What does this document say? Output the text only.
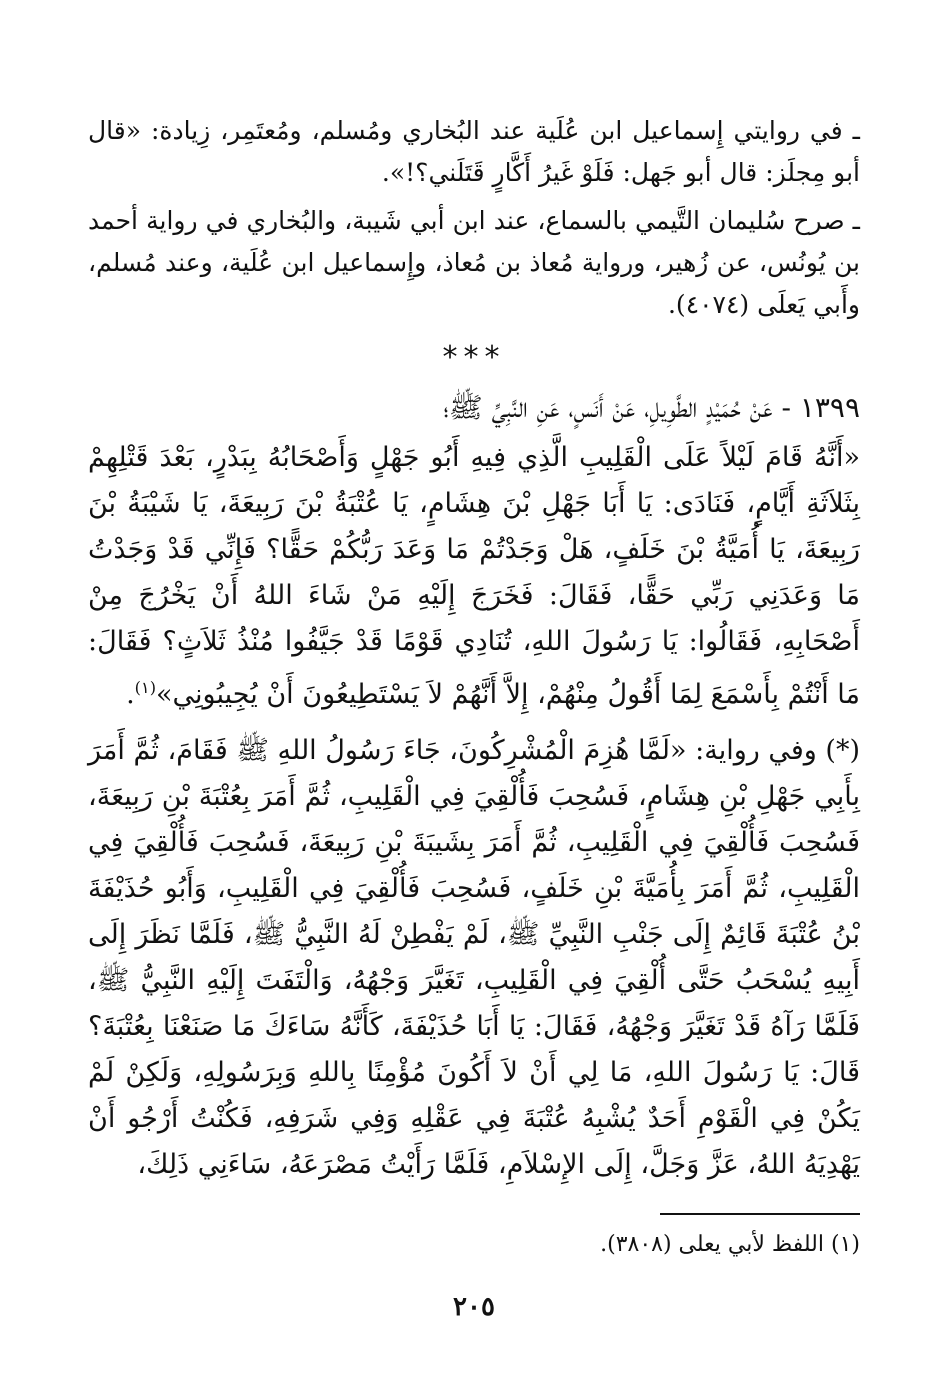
ـ في روايتي إِسماعيل ابن عُلَية عند البُخاري ومُسلم، ومُعتَمِر، زِيادة: «قال أبو مِجلَز: قال أبو جَهل: فَلَوْ غَيرُ أَكَّارٍ قَتَلَني؟!».

ـ صرح سُليمان التَّيمي بالسماع، عند ابن أبي شَيبة، والبُخاري في رواية أحمد بن يُونُس، عن زُهير، ورواية مُعاذ بن مُعاذ، وإِسماعيل ابن عُلَية، وعند مُسلم، وأَبي يَعلَى (٤٠٧٤).

***

١٣٩٩ - عَنْ حُمَيْدٍ الطَّوِيلِ، عَنْ أَنَسٍ، عَنِ النَّبِيِّ ﷺ؛

«أَنَّهُ قَامَ لَيْلاً عَلَى الْقَلِيبِ الَّذِي فِيهِ أَبُو جَهْلٍ وَأَصْحَابُهُ بِبَدْرٍ، بَعْدَ قَتْلِهِمْ بِثَلاَثَةِ أَيَّامٍ، فَنَادَى: يَا أَبَا جَهْلِ بْنَ هِشَامٍ، يَا عُتْبَةُ بْنَ رَبِيعَةَ، يَا شَيْبَةُ بْنَ رَبِيعَةَ، يَا أُمَيَّةُ بْنَ خَلَفٍ، هَلْ وَجَدْتُمْ مَا وَعَدَ رَبُّكُمْ حَقًّا؟ فَإِنِّي قَدْ وَجَدْتُ مَا وَعَدَنِي رَبِّي حَقًّا، فَقَالَ: فَخَرَجَ إِلَيْهِ مَنْ شَاءَ اللهُ أَنْ يَخْرُجَ مِنْ أَصْحَابِهِ، فَقَالُوا: يَا رَسُولَ اللهِ، تُنَادِي قَوْمًا قَدْ جَيَّفُوا مُنْذُ ثَلاَثٍ؟ فَقَالَ: مَا أَنْتُمْ بِأَسْمَعَ لِمَا أَقُولُ مِنْهُمْ، إِلاَّ أَنَّهُمْ لاَ يَسْتَطِيعُونَ أَنْ يُجِيبُونِي»$^{(١)}$.

(*) وفي رواية: «لَمَّا هُزِمَ الْمُشْرِكُونَ، جَاءَ رَسُولُ اللهِ ﷺ فَقَامَ، ثُمَّ أَمَرَ بِأَبِي جَهْلِ بْنِ هِشَامٍ، فَسُحِبَ فَأُلْقِيَ فِي الْقَلِيبِ، ثُمَّ أَمَرَ بِعُتْبَةَ بْنِ رَبِيعَةَ، فَسُحِبَ فَأُلْقِيَ فِي الْقَلِيبِ، ثُمَّ أَمَرَ بِشَيبَةَ بْنِ رَبِيعَةَ، فَسُحِبَ فَأُلْقِيَ فِي الْقَلِيبِ، ثُمَّ أَمَرَ بِأُمَيَّةَ بْنِ خَلَفٍ، فَسُحِبَ فَأُلْقِيَ فِي الْقَلِيبِ، وَأَبُو حُذَيْفَةَ بْنُ عُتْبَةَ قَائِمٌ إِلَى جَنْبِ النَّبِيِّ ﷺ، لَمْ يَفْطِنْ لَهُ النَّبِيُّ ﷺ، فَلَمَّا نَظَرَ إِلَى أَبِيهِ يُسْحَبُ حَتَّى أُلْقِيَ فِي الْقَلِيبِ، تَغَيَّرَ وَجْهُهُ، وَالْتَفَتَ إِلَيْهِ النَّبِيُّ ﷺ، فَلَمَّا رَآهُ قَدْ تَغَيَّرَ وَجْهُهُ، فَقَالَ: يَا أَبَا حُذَيْفَةَ، كَأَنَّهُ سَاءَكَ مَا صَنَعْنَا بِعُتْبَةَ؟ قَالَ: يَا رَسُولَ اللهِ، مَا لِي أَنْ لاَ أَكُونَ مُؤْمِنًا بِاللهِ وَبِرَسُولِهِ، وَلَكِنْ لَمْ يَكُنْ فِي الْقَوْمِ أَحَدٌ يُشْبِهُ عُتْبَةَ فِي عَقْلِهِ وَفِي شَرَفِهِ، فَكُنْتُ أَرْجُو أَنْ يَهْدِيَهُ اللهُ، عَزَّ وَجَلَّ، إِلَى الإِسْلاَمِ، فَلَمَّا رَأَيْتُ مَصْرَعَهُ، سَاءَنِي ذَلِكَ،

(١) اللفظ لأبي يعلى (٣٨٠٨).
٢٠٥
